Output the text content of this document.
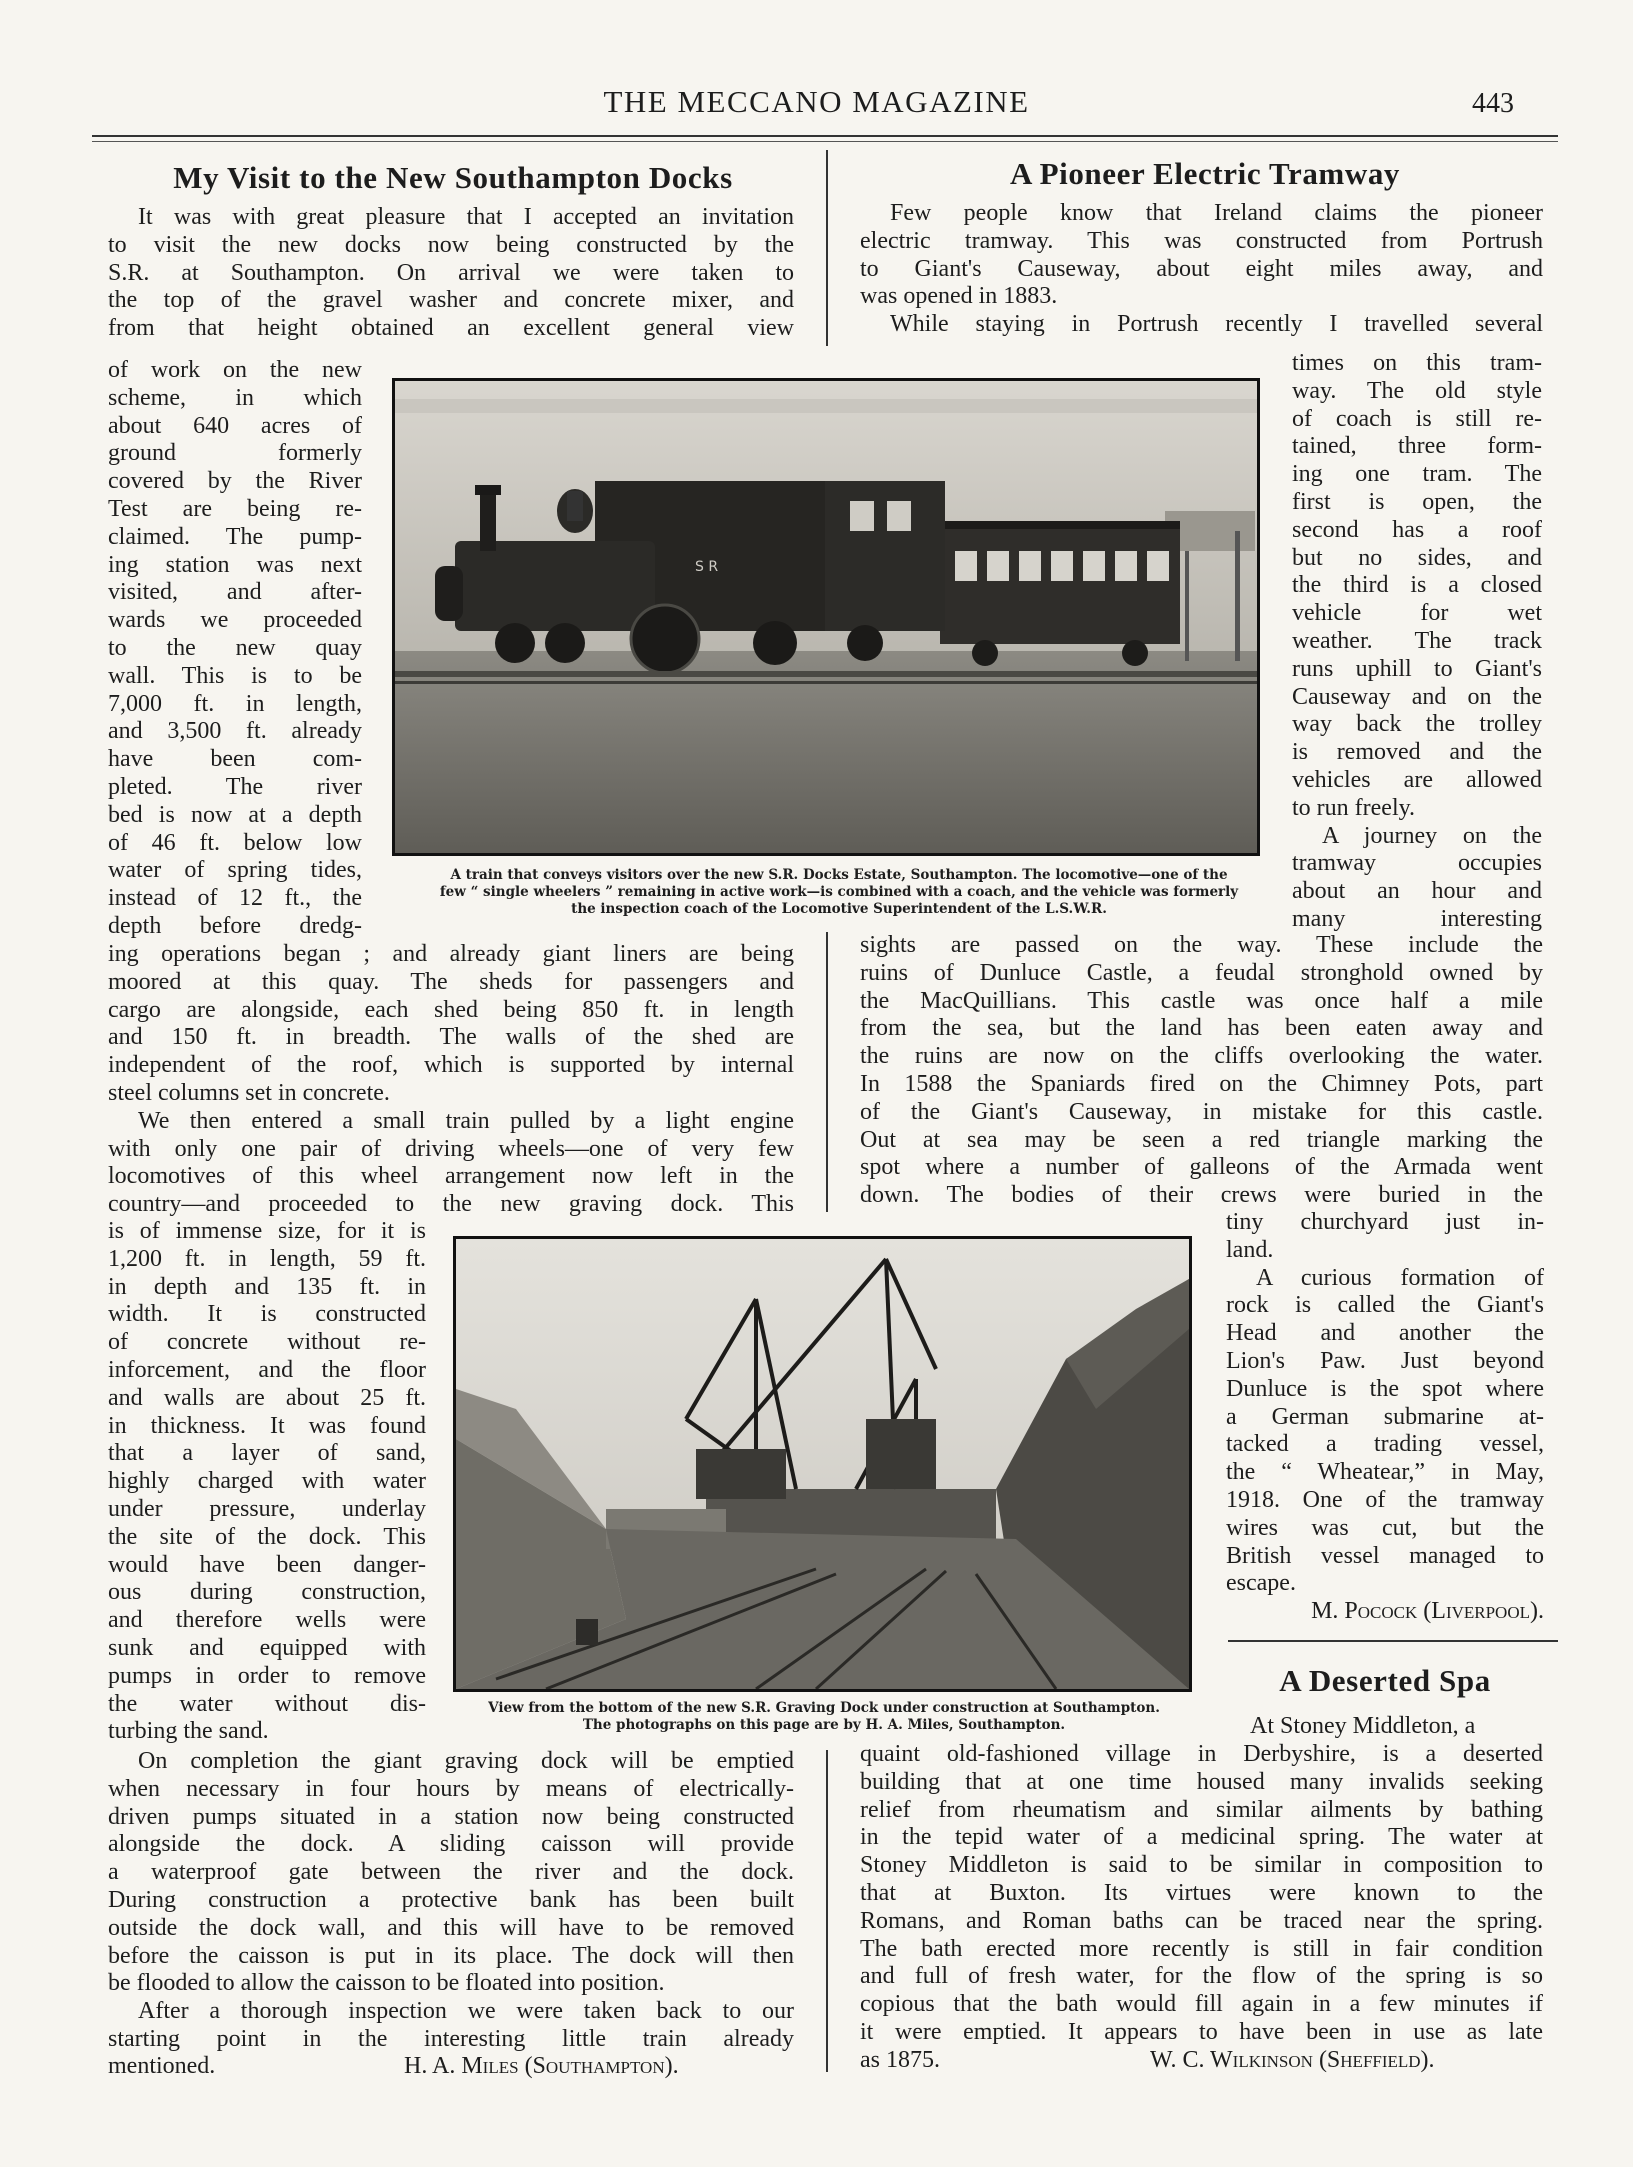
THE MECCANO MAGAZINE	443
My Visit to the New Southampton Docks
It was with great pleasure that I accepted an invitation
to visit the new docks now being constructed by the
S.R. at Southampton. On arrival we were taken to
the top of the gravel washer and concrete mixer, and
from that height obtained an excellent general view
of work on the new
scheme, in which
about 640 acres of
ground formerly
covered by the River
Test are being re-
claimed. The pump-
ing station was next
visited, and after-
wards we proceeded
to the new quay
wall. This is to be
7,000 ft. in length,
and 3,500 ft. already
have been com-
pleted. The river
bed is now at a depth
of 46 ft. below low
water of spring tides,
instead of 12 ft., the
depth before dredg-
ing operations began ; and already giant liners are being
moored at this quay. The sheds for passengers and
cargo are alongside, each shed being 850 ft. in length
and 150 ft. in breadth. The walls of the shed are
independent of the roof, which is supported by internal
steel columns set in concrete.
We then entered a small train pulled by a light engine
with only one pair of driving wheels—one of very few
locomotives of this wheel arrangement now left in the
country—and proceeded to the new graving dock. This
is of immense size, for it is
1,200 ft. in length, 59 ft.
in depth and 135 ft. in
width. It is constructed
of concrete without re-
inforcement, and the floor
and walls are about 25 ft.
in thickness. It was found
that a layer of sand,
highly charged with water
under pressure, underlay
the site of the dock. This
would have been danger-
ous during construction,
and therefore wells were
sunk and equipped with
pumps in order to remove
the water without dis-
turbing the sand.
On completion the giant graving dock will be emptied
when necessary in four hours by means of electrically-
driven pumps situated in a station now being constructed
alongside the dock. A sliding caisson will provide
a waterproof gate between the river and the dock.
During construction a protective bank has been built
outside the dock wall, and this will have to be removed
before the caisson is put in its place. The dock will then
be flooded to allow the caisson to be floated into position.
After a thorough inspection we were taken back to our
starting point in the interesting little train already
mentioned.	H. A. Miles (Southampton).
A Pioneer Electric Tramway
Few people know that Ireland claims the pioneer
electric tramway. This was constructed from Portrush
to Giant's Causeway, about eight miles away, and
was opened in 1883.
While staying in Portrush recently I travelled several
times on this tram-
way. The old style
of coach is still re-
tained, three form-
ing one tram. The
first is open, the
second has a roof
but no sides, and
the third is a closed
vehicle for wet
weather. The track
runs uphill to Giant's
Causeway and on the
way back the trolley
is removed and the
vehicles are allowed
to run freely.
A journey on the
tramway occupies
about an hour and
many interesting
sights are passed on the way. These include the
ruins of Dunluce Castle, a feudal stronghold owned by
the MacQuillians. This castle was once half a mile
from the sea, but the land has been eaten away and
the ruins are now on the cliffs overlooking the water.
In 1588 the Spaniards fired on the Chimney Pots, part
of the Giant's Causeway, in mistake for this castle.
Out at sea may be seen a red triangle marking the
spot where a number of galleons of the Armada went
down. The bodies of their crews were buried in the
tiny churchyard just in-
land.
A curious formation of
rock is called the Giant's
Head and another the
Lion's Paw. Just beyond
Dunluce is the spot where
a German submarine at-
tacked a trading vessel,
the “ Wheatear,” in May,
1918. One of the tramway
wires was cut, but the
British vessel managed to
escape.
M. Pocock (Liverpool).
A Deserted Spa
At Stoney Middleton, a
quaint old-fashioned village in Derbyshire, is a deserted
building that at one time housed many invalids seeking
relief from rheumatism and similar ailments by bathing
in the tepid water of a medicinal spring. The water at
Stoney Middleton is said to be similar in composition to
that at Buxton. Its virtues were known to the
Romans, and Roman baths can be traced near the spring.
The bath erected more recently is still in fair condition
and full of fresh water, for the flow of the spring is so
copious that the bath would fill again in a few minutes if
it were emptied. It appears to have been in use as late
as 1875.	W. C. Wilkinson (Sheffield).
S R
A train that conveys visitors over the new S.R. Docks Estate, Southampton. The locomotive—one of the
few “ single wheelers ” remaining in active work—is combined with a coach, and the vehicle was formerly
the inspection coach of the Locomotive Superintendent of the L.S.W.R.
View from the bottom of the new S.R. Graving Dock under construction at Southampton.
The photographs on this page are by H. A. Miles, Southampton.
